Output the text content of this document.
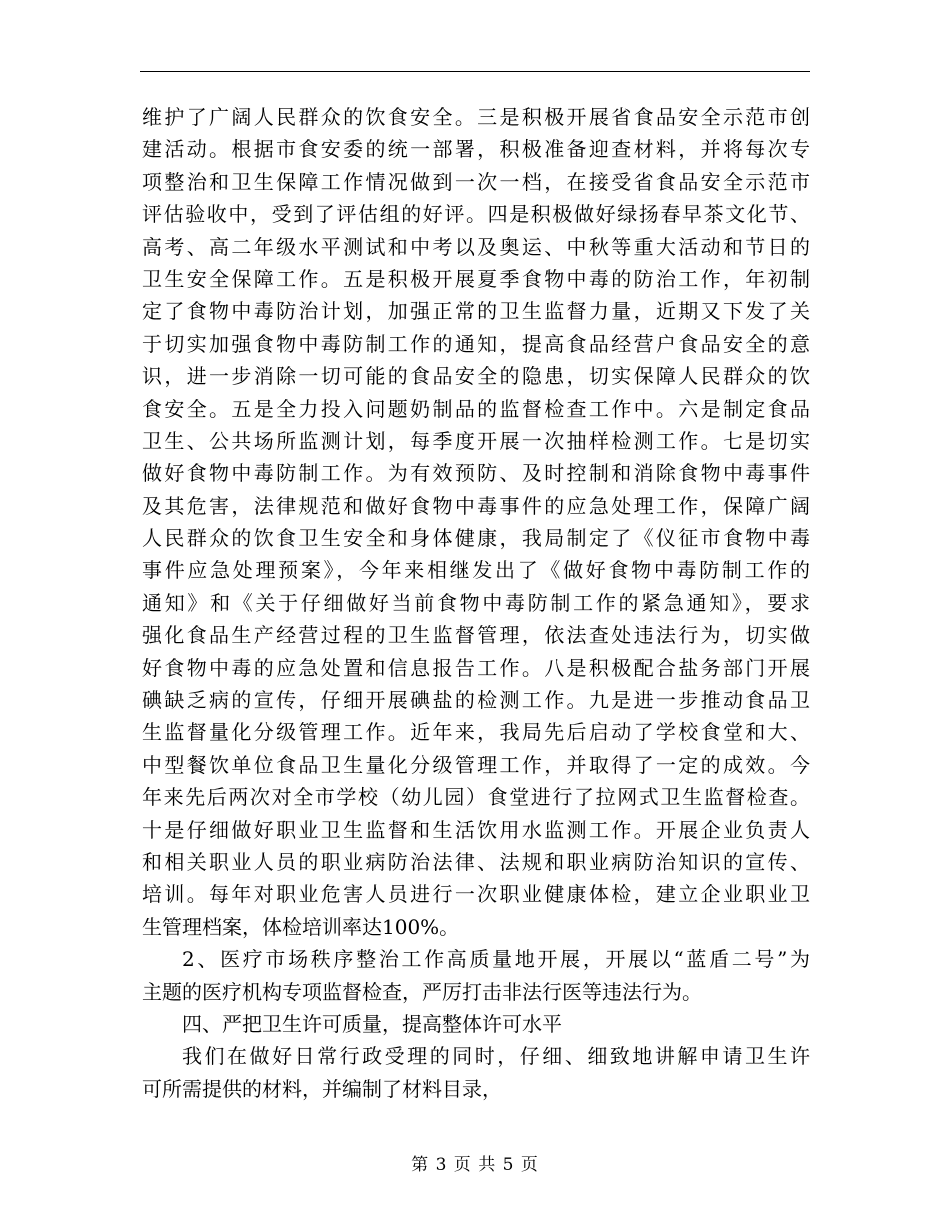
维护了广阔人民群众的饮食安全。三是积极开展省食品安全示范市创
建活动。根据市食安委的统一部署，积极准备迎查材料，并将每次专
项整治和卫生保障工作情况做到一次一档，在接受省食品安全示范市
评估验收中，受到了评估组的好评。四是积极做好绿扬春早茶文化节、
高考、高二年级水平测试和中考以及奥运、中秋等重大活动和节日的
卫生安全保障工作。五是积极开展夏季食物中毒的防治工作，年初制
定了食物中毒防治计划，加强正常的卫生监督力量，近期又下发了关
于切实加强食物中毒防制工作的通知，提高食品经营户食品安全的意
识，进一步消除一切可能的食品安全的隐患，切实保障人民群众的饮
食安全。五是全力投入问题奶制品的监督检查工作中。六是制定食品
卫生、公共场所监测计划，每季度开展一次抽样检测工作。七是切实
做好食物中毒防制工作。为有效预防、及时控制和消除食物中毒事件
及其危害，法律规范和做好食物中毒事件的应急处理工作，保障广阔
人民群众的饮食卫生安全和身体健康，我局制定了《仪征市食物中毒
事件应急处理预案》，今年来相继发出了《做好食物中毒防制工作的
通知》和《关于仔细做好当前食物中毒防制工作的紧急通知》，要求
强化食品生产经营过程的卫生监督管理，依法查处违法行为，切实做
好食物中毒的应急处置和信息报告工作。八是积极配合盐务部门开展
碘缺乏病的宣传，仔细开展碘盐的检测工作。九是进一步推动食品卫
生监督量化分级管理工作。近年来，我局先后启动了学校食堂和大、
中型餐饮单位食品卫生量化分级管理工作，并取得了一定的成效。今
年来先后两次对全市学校（幼儿园）食堂进行了拉网式卫生监督检查。
十是仔细做好职业卫生监督和生活饮用水监测工作。开展企业负责人
和相关职业人员的职业病防治法律、法规和职业病防治知识的宣传、
培训。每年对职业危害人员进行一次职业健康体检，建立企业职业卫
生管理档案，体检培训率达100%。
2、医疗市场秩序整治工作高质量地开展，开展以“蓝盾二号”为
主题的医疗机构专项监督检查，严厉打击非法行医等违法行为。
四、严把卫生许可质量，提高整体许可水平
我们在做好日常行政受理的同时，仔细、细致地讲解申请卫生许
可所需提供的材料，并编制了材料目录，
第 3 页 共 5 页
